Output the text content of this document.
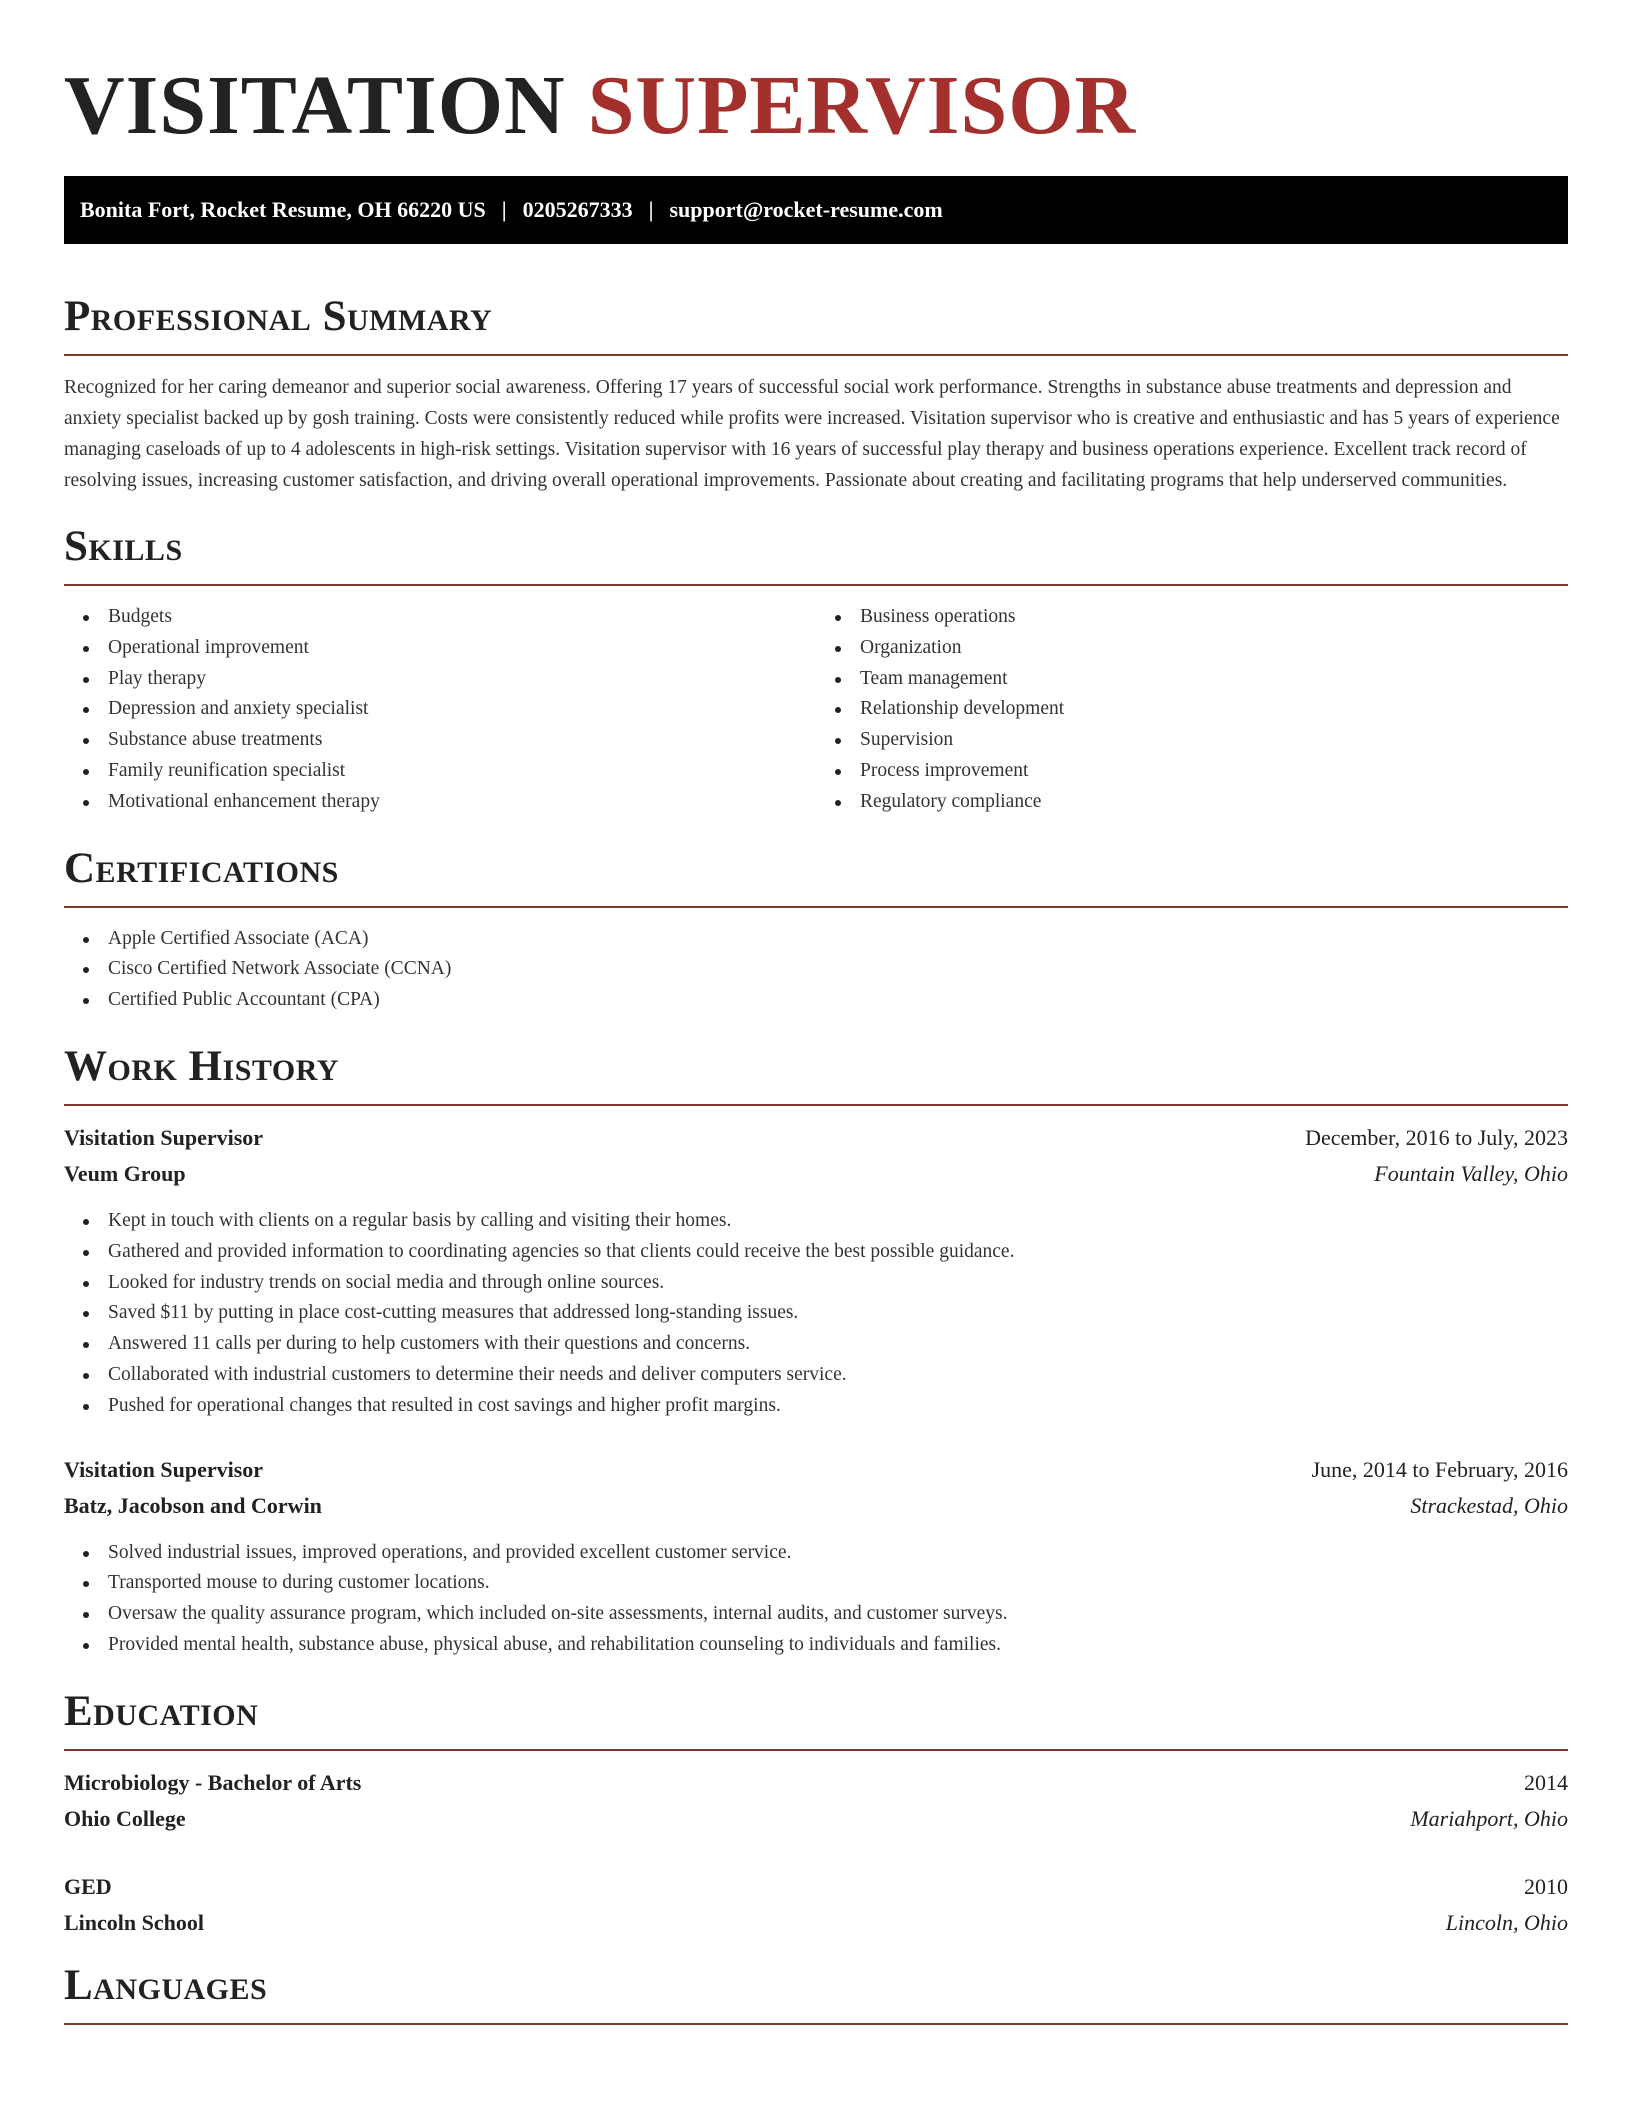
VISITATION SUPERVISOR
Bonita Fort, Rocket Resume, OH 66220 US | 0205267333 | support@rocket-resume.com
Professional Summary

Recognized for her caring demeanor and superior social awareness. Offering 17 years of successful social work performance. Strengths in substance abuse treatments and depression and anxiety specialist backed up by gosh training. Costs were consistently reduced while profits were increased. Visitation supervisor who is creative and enthusiastic and has 5 years of experience managing caseloads of up to 4 adolescents in high-risk settings. Visitation supervisor with 16 years of successful play therapy and business operations experience. Excellent track record of resolving issues, increasing customer satisfaction, and driving overall operational improvements. Passionate about creating and facilitating programs that help underserved communities.

Skills
Budgets
Operational improvement
Play therapy
Depression and anxiety specialist
Substance abuse treatments
Family reunification specialist
Motivational enhancement therapy
Business operations
Organization
Team management
Relationship development
Supervision
Process improvement
Regulatory compliance
Certifications
Apple Certified Associate (ACA)
Cisco Certified Network Associate (CCNA)
Certified Public Accountant (CPA)
Work History
Visitation Supervisor	December, 2016 to July, 2023
Veum Group	Fountain Valley, Ohio
Kept in touch with clients on a regular basis by calling and visiting their homes.
Gathered and provided information to coordinating agencies so that clients could receive the best possible guidance.
Looked for industry trends on social media and through online sources.
Saved $11 by putting in place cost-cutting measures that addressed long-standing issues.
Answered 11 calls per during to help customers with their questions and concerns.
Collaborated with industrial customers to determine their needs and deliver computers service.
Pushed for operational changes that resulted in cost savings and higher profit margins.
Visitation Supervisor	June, 2014 to February, 2016
Batz, Jacobson and Corwin	Strackestad, Ohio
Solved industrial issues, improved operations, and provided excellent customer service.
Transported mouse to during customer locations.
Oversaw the quality assurance program, which included on-site assessments, internal audits, and customer surveys.
Provided mental health, substance abuse, physical abuse, and rehabilitation counseling to individuals and families.
Education
Microbiology - Bachelor of Arts	2014
Ohio College	Mariahport, Ohio
GED	2010
Lincoln School	Lincoln, Ohio
Languages
